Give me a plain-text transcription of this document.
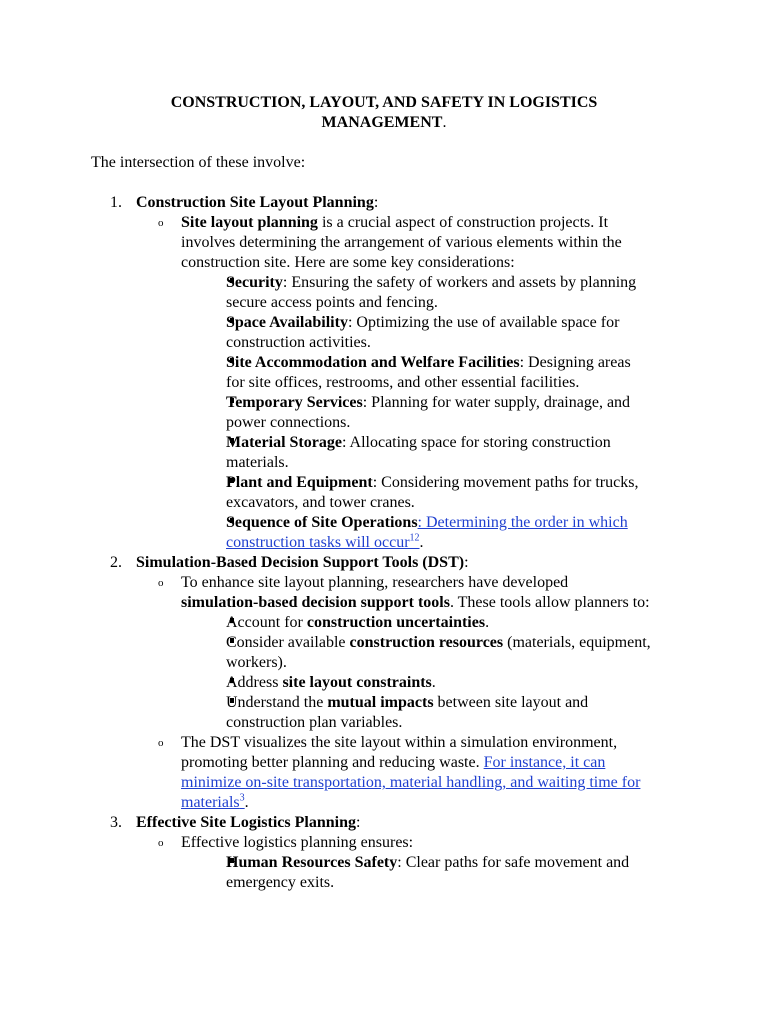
CONSTRUCTION, LAYOUT, AND SAFETY IN LOGISTICS
MANAGEMENT.
The intersection of these involve:
1. Construction Site Layout Planning:
o Site layout planning is a crucial aspect of construction projects. It
involves determining the arrangement of various elements within the
construction site. Here are some key considerations:
Security: Ensuring the safety of workers and assets by planning
secure access points and fencing.
Space Availability: Optimizing the use of available space for
construction activities.
Site Accommodation and Welfare Facilities: Designing areas
for site offices, restrooms, and other essential facilities.
Temporary Services: Planning for water supply, drainage, and
power connections.
Material Storage: Allocating space for storing construction
materials.
Plant and Equipment: Considering movement paths for trucks,
excavators, and tower cranes.
Sequence of Site Operations: Determining the order in which
construction tasks will occur$^{12}$.
2. Simulation-Based Decision Support Tools (DST):
o To enhance site layout planning, researchers have developed
simulation-based decision support tools. These tools allow planners to:
Account for construction uncertainties.
Consider available construction resources (materials, equipment,
workers).
Address site layout constraints.
Understand the mutual impacts between site layout and
construction plan variables.
o The DST visualizes the site layout within a simulation environment,
promoting better planning and reducing waste. For instance, it can
minimize on-site transportation, material handling, and waiting time for
materials$^3$.
3. Effective Site Logistics Planning:
o Effective logistics planning ensures:
Human Resources Safety: Clear paths for safe movement and
emergency exits.
